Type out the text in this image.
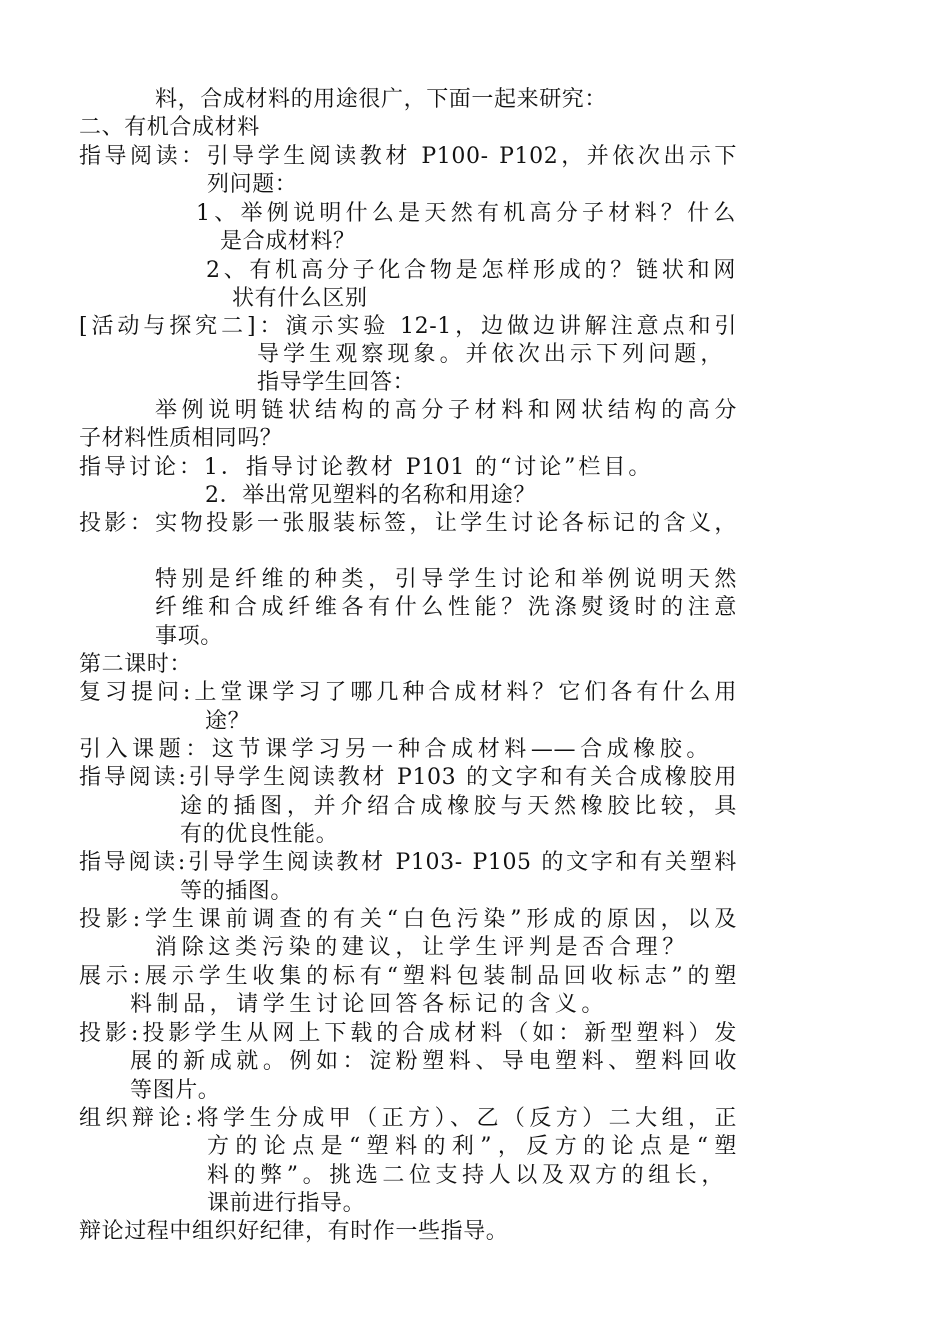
料，合成材料的用途很广，下面一起来研究：
二、有机合成材料
指导阅读：引导学生阅读教材 P100- P102，并依次出示下
列问题：
1、举例说明什么是天然有机高分子材料？什么
是合成材料？
2、有机高分子化合物是怎样形成的？链状和网
状有什么区别
[活动与探究二]：演示实验 12-1，边做边讲解注意点和引
导学生观察现象。并依次出示下列问题，
指导学生回答：
举例说明链状结构的高分子材料和网状结构的高分
子材料性质相同吗？
指导讨论：1．指导讨论教材 P101 的“讨论”栏目。
2．举出常见塑料的名称和用途？
投影：实物投影一张服装标签，让学生讨论各标记的含义，
特别是纤维的种类，引导学生讨论和举例说明天然
纤维和合成纤维各有什么性能？洗涤熨烫时的注意
事项。
第二课时：
复习提问:上堂课学习了哪几种合成材料？它们各有什么用
途？
引入课题：这节课学习另一种合成材料——合成橡胶。
指导阅读:引导学生阅读教材 P103 的文字和有关合成橡胶用
途的插图，并介绍合成橡胶与天然橡胶比较，具
有的优良性能。
指导阅读:引导学生阅读教材 P103- P105 的文字和有关塑料
等的插图。
投影:学生课前调查的有关“白色污染”形成的原因，以及
消除这类污染的建议，让学生评判是否合理？
展示:展示学生收集的标有“塑料包装制品回收标志”的塑
料制品，请学生讨论回答各标记的含义。
投影:投影学生从网上下载的合成材料（如：新型塑料）发
展的新成就。例如：淀粉塑料、导电塑料、塑料回收
等图片。
组织辩论:将学生分成甲（正方）、乙（反方）二大组，正
方的论点是“塑料的利”，反方的论点是“塑
料的弊”。挑选二位支持人以及双方的组长，
课前进行指导。
辩论过程中组织好纪律，有时作一些指导。
